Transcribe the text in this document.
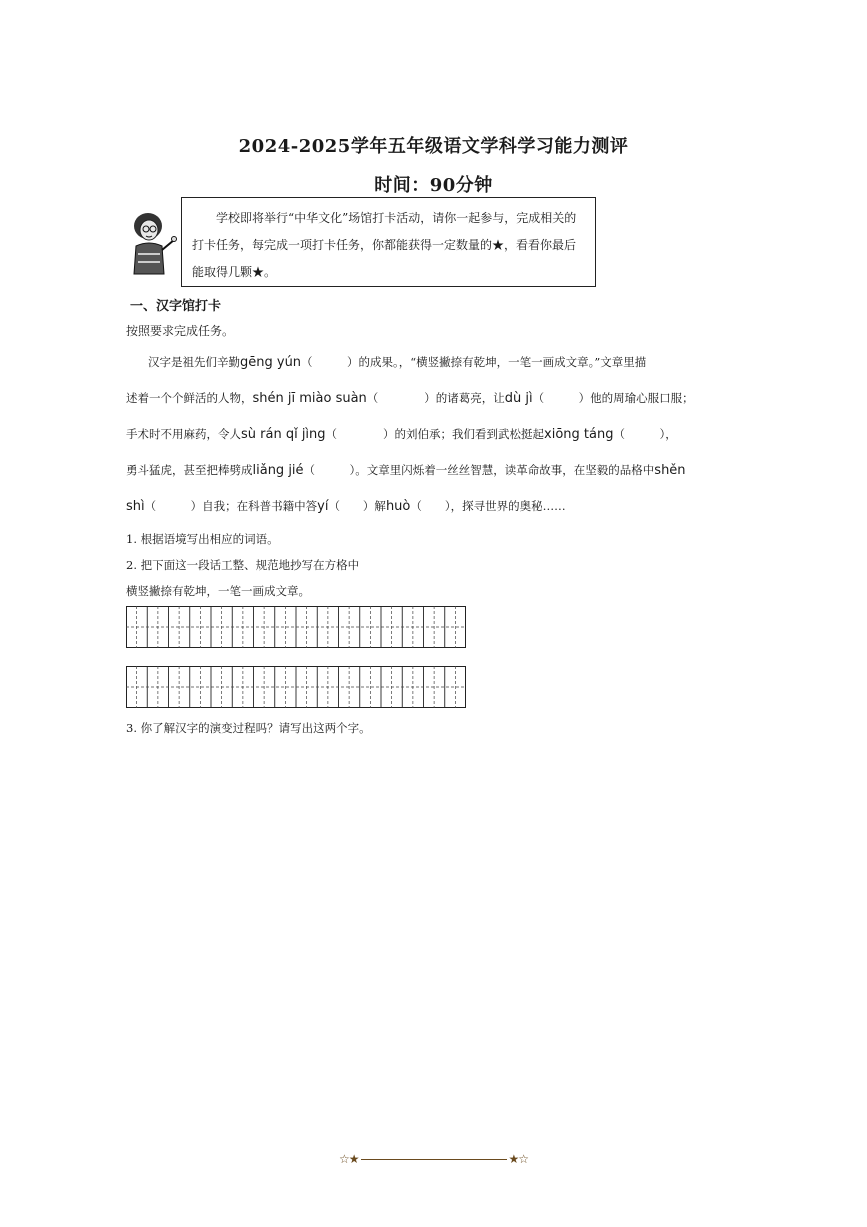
2024-2025学年五年级语文学科学习能力测评
时间：90分钟
学校即将举行“中华文化”场馆打卡活动，请你一起参与，完成相关的打卡任务，每完成一项打卡任务，你都能获得一定数量的★，看看你最后能取得几颗★。
一、汉字馆打卡
按照要求完成任务。
汉字是祖先们辛勤gēng yún（　　　）的成果。，“横竖撇捺有乾坤，一笔一画成文章。”文章里描
述着一个个鲜活的人物，shén jī miào suàn（　　　　）的诸葛亮，让dù jì（　　　）他的周瑜心服口服；
手术时不用麻药，令人sù rán qǐ jìng（　　　　）的刘伯承；我们看到武松挺起xiōng táng（　　　），
勇斗猛虎，甚至把棒劈成liǎng jié（　　　）。文章里闪烁着一丝丝智慧，读革命故事，在坚毅的品格中shěn
shì（　　　）自我；在科普书籍中答yí（　　）解huò（　　），探寻世界的奥秘……
1. 根据语境写出相应的词语。
2. 把下面这一段话工整、规范地抄写在方格中
横竖撇捺有乾坤，一笔一画成文章。
3. 你了解汉字的演变过程吗？请写出这两个字。
☆★	★☆
